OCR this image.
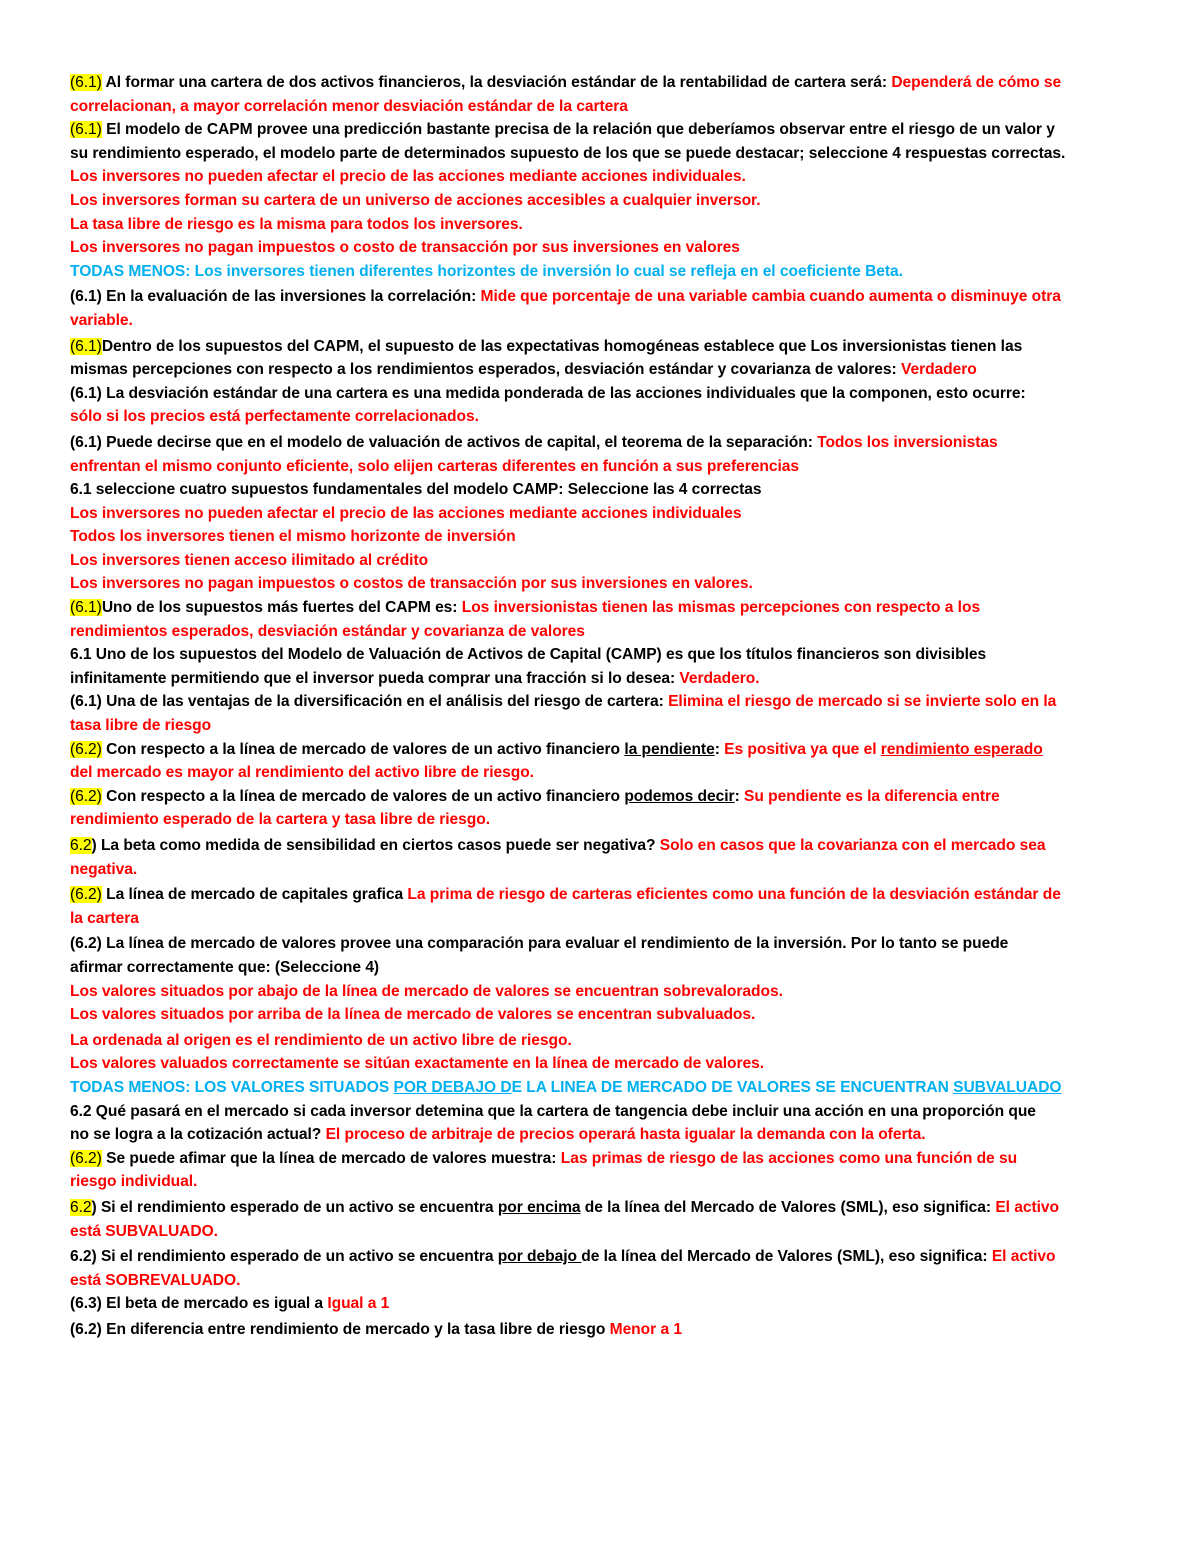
(6.1) Al formar una cartera de dos activos financieros, la desviación estándar de la rentabilidad de cartera será: Dependerá de cómo se
correlacionan, a mayor correlación menor desviación estándar de la cartera
(6.1) El modelo de CAPM provee una predicción bastante precisa de la relación que deberíamos observar entre el riesgo de un valor y
su rendimiento esperado, el modelo parte de determinados supuesto de los que se puede destacar; seleccione 4 respuestas correctas.
Los inversores no pueden afectar el precio de las acciones mediante acciones individuales.
Los inversores forman su cartera de un universo de acciones accesibles a cualquier inversor.
La tasa libre de riesgo es la misma para todos los inversores.
Los inversores no pagan impuestos o costo de transacción por sus inversiones en valores
TODAS MENOS: Los inversores tienen diferentes horizontes de inversión lo cual se refleja en el coeficiente Beta.
(6.1) En la evaluación de las inversiones la correlación: Mide que porcentaje de una variable cambia cuando aumenta o disminuye otra
variable.
(6.1)Dentro de los supuestos del CAPM, el supuesto de las expectativas homogéneas establece que Los inversionistas tienen las
mismas percepciones con respecto a los rendimientos esperados, desviación estándar y covarianza de valores: Verdadero
(6.1) La desviación estándar de una cartera es una medida ponderada de las acciones individuales que la componen, esto ocurre:
sólo si los precios está perfectamente correlacionados.
(6.1) Puede decirse que en el modelo de valuación de activos de capital, el teorema de la separación: Todos los inversionistas
enfrentan el mismo conjunto eficiente, solo elijen carteras diferentes en función a sus preferencias
6.1 seleccione cuatro supuestos fundamentales del modelo CAMP: Seleccione las 4 correctas
Los inversores no pueden afectar el precio de las acciones mediante acciones individuales
Todos los inversores tienen el mismo horizonte de inversión
Los inversores tienen acceso ilimitado al crédito
Los inversores no pagan impuestos o costos de transacción por sus inversiones en valores.
(6.1)Uno de los supuestos más fuertes del CAPM es: Los inversionistas tienen las mismas percepciones con respecto a los
rendimientos esperados, desviación estándar y covarianza de valores
6.1 Uno de los supuestos del Modelo de Valuación de Activos de Capital (CAMP) es que los títulos financieros son divisibles
infinitamente permitiendo que el inversor pueda comprar una fracción si lo desea: Verdadero.
(6.1) Una de las ventajas de la diversificación en el análisis del riesgo de cartera: Elimina el riesgo de mercado si se invierte solo en la
tasa libre de riesgo
(6.2) Con respecto a la línea de mercado de valores de un activo financiero la pendiente: Es positiva ya que el rendimiento esperado
del mercado es mayor al rendimiento del activo libre de riesgo.
(6.2) Con respecto a la línea de mercado de valores de un activo financiero podemos decir: Su pendiente es la diferencia entre
rendimiento esperado de la cartera y tasa libre de riesgo.
6.2) La beta como medida de sensibilidad en ciertos casos puede ser negativa? Solo en casos que la covarianza con el mercado sea
negativa.
(6.2) La línea de mercado de capitales grafica La prima de riesgo de carteras eficientes como una función de la desviación estándar de
la cartera
(6.2) La línea de mercado de valores provee una comparación para evaluar el rendimiento de la inversión. Por lo tanto se puede
afirmar correctamente que: (Seleccione 4)
Los valores situados por abajo de la línea de mercado de valores se encuentran sobrevalorados.
Los valores situados por arriba de la línea de mercado de valores se encentran subvaluados.
La ordenada al origen es el rendimiento de un activo libre de riesgo.
Los valores valuados correctamente se sitúan exactamente en la línea de mercado de valores.
TODAS MENOS: LOS VALORES SITUADOS POR DEBAJO DE LA LINEA DE MERCADO DE VALORES SE ENCUENTRAN SUBVALUADO
6.2 Qué pasará en el mercado si cada inversor detemina que la cartera de tangencia debe incluir una acción en una proporción que
no se logra a la cotización actual? El proceso de arbitraje de precios operará hasta igualar la demanda con la oferta.
(6.2) Se puede afimar que la línea de mercado de valores muestra: Las primas de riesgo de las acciones como una función de su
riesgo individual.
6.2) Si el rendimiento esperado de un activo se encuentra por encima de la línea del Mercado de Valores (SML), eso significa: El activo
está SUBVALUADO.
6.2) Si el rendimiento esperado de un activo se encuentra por debajo de la línea del Mercado de Valores (SML), eso significa: El activo
está SOBREVALUADO.
(6.3) El beta de mercado es igual a Igual a 1
(6.2) En diferencia entre rendimiento de mercado y la tasa libre de riesgo Menor a 1
